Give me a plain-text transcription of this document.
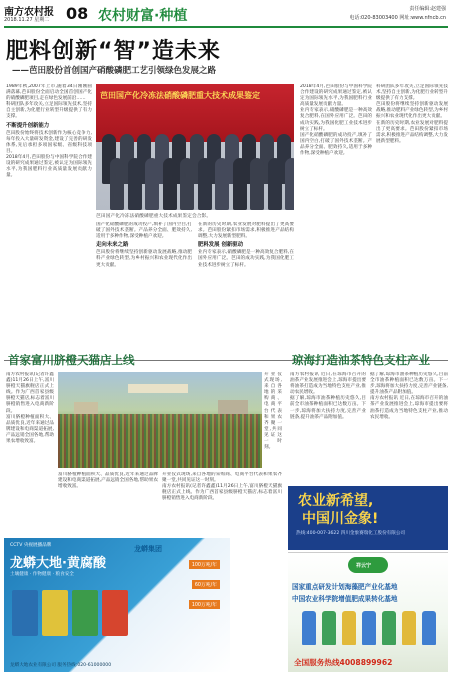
南方农村报
2018.11.27 星期二 08 农村财富·种植	责任编辑:赵建强
电话:020-83003400 网址:www.nfncb.cn
肥料创新“智”造未来
——芭田股份首创国产硝酸磷肥工艺引领绿色发展之路

1989年秋,2007年上市,随着34日刚刚圆满落幕,芭田股份全面启动全国首创国产化的硝酸磷肥项目,走在绿色发展前沿……

科研团队多年攻关,立足国际领先技术,坚持自主创新,为化肥行业转型升级提供了有力支撑。

不断提升创新能力

芭田股份始终将技术创新作为核心竞争力,每年投入大量研发资金,建设了完善的研发体系,先后承担多项国家级、省级科技项目。

2018年4月,芭田股份与中国科学院合作建设的研究成果通过鉴定,被认定为国际领先水平,为我国肥料行业高质量发展贡献力量。

芭田国产化冷冻法硝酸磷肥重大技术成果鉴定
芭田国产化冷冻法硝酸磷肥重大技术成果鉴定会合影。

国产化硝酸磷肥的成功投产,填补了国内空白,打破了国外技术垄断。产品养分全面、肥效持久,适用于多种作物,深受种植户欢迎。

走向未来之路

芭田股份将继续坚持创新驱动发展战略,推动肥料产业绿色转型,为乡村振兴和农业现代化作出更大贡献。

在新的历史时期,农业发展对肥料提出了更高要求。芭田股份紧扣市场需求,积极推进产品结构调整,大力发展新型肥料。

肥料发展 创新驱动

业内专家表示,硝酸磷肥是一种高效复合肥料,在国外应用广泛。芭田的成功实践,为我国化肥工业技术进步树立了标杆。

2018年4月,芭田股份与中国科学院合作建设的研究成果通过鉴定,被认定为国际领先水平,为我国肥料行业高质量发展贡献力量。

业内专家表示,硝酸磷肥是一种高效复合肥料,在国外应用广泛。芭田的成功实践,为我国化肥工业技术进步树立了标杆。

国产化硝酸磷肥的成功投产,填补了国内空白,打破了国外技术垄断。产品养分全面、肥效持久,适用于多种作物,深受种植户欢迎。

科研团队多年攻关,立足国际领先技术,坚持自主创新,为化肥行业转型升级提供了有力支撑。

芭田股份将继续坚持创新驱动发展战略,推动肥料产业绿色转型,为乡村振兴和农业现代化作出更大贡献。

在新的历史时期,农业发展对肥料提出了更高要求。芭田股份紧扣市场需求,积极推进产品结构调整,大力发展新型肥料。

首家富川脐橙天猫店上线

南方农村报讯(记者许鑫鑫)11月26日上午,富川脐橙天猫旗舰店正式上线。作为广西首家县级脐橙天猫店,标志着富川脐橙销售进入电商新阶段。

富川脐橙种植面积大、品质优良,近年来通过品牌建设和电商渠道拓展,产品远销全国各地,帮助果农增收致富。

开业仪式现场,来自各地的采购商、电商平台代表和果农齐聚一堂,共同见证这一时刻。

富川脐橙种植面积大、品质优良,近年来通过品牌建设和电商渠道拓展,产品远销全国各地,帮助果农增收致富。

开业仪式现场,来自各地的采购商、电商平台代表和果农齐聚一堂,共同见证这一时刻。

南方农村报讯(记者许鑫鑫)11月26日上午,富川脐橙天猫旗舰店正式上线。作为广西首家县级脐橙天猫店,标志着富川脐橙销售进入电商新阶段。

琼海打造油茶特色支柱产业

南方农村报讯 近日,在琼海市召开的油茶产业发展推进会上,琼海市提出要将油茶打造成为当地特色支柱产业,推动农民增收。

据了解,琼海市油茶种植历史悠久,目前全市油茶种植面积已达数万亩。下一步,琼海将加大扶持力度,完善产业链条,提升油茶产品附加值。

据了解,琼海市油茶种植历史悠久,目前全市油茶种植面积已达数万亩。下一步,琼海将加大扶持力度,完善产业链条,提升油茶产品附加值。

南方农村报讯 近日,在琼海市召开的油茶产业发展推进会上,琼海市提出要将油茶打造成为当地特色支柱产业,推动农民增收。

CCTV 央视展播品牌
龙蟒大地·黄腐酸
土壤健康 · 作物健康 · 粮食安全
龙蟒集团
100万吨/年
60万吨/年
100万吨/年
龙蟒大地农业有限公司 服务热线:020-61000000
农业新希望,
中国川金象!
热线:400-007-3622 四川金象赛瑞化工股份有限公司
祥云宁
国家重点研发计划海藻肥产业化基地
中国农业科学院增值肥成果转化基地
全国服务热线4008899962
